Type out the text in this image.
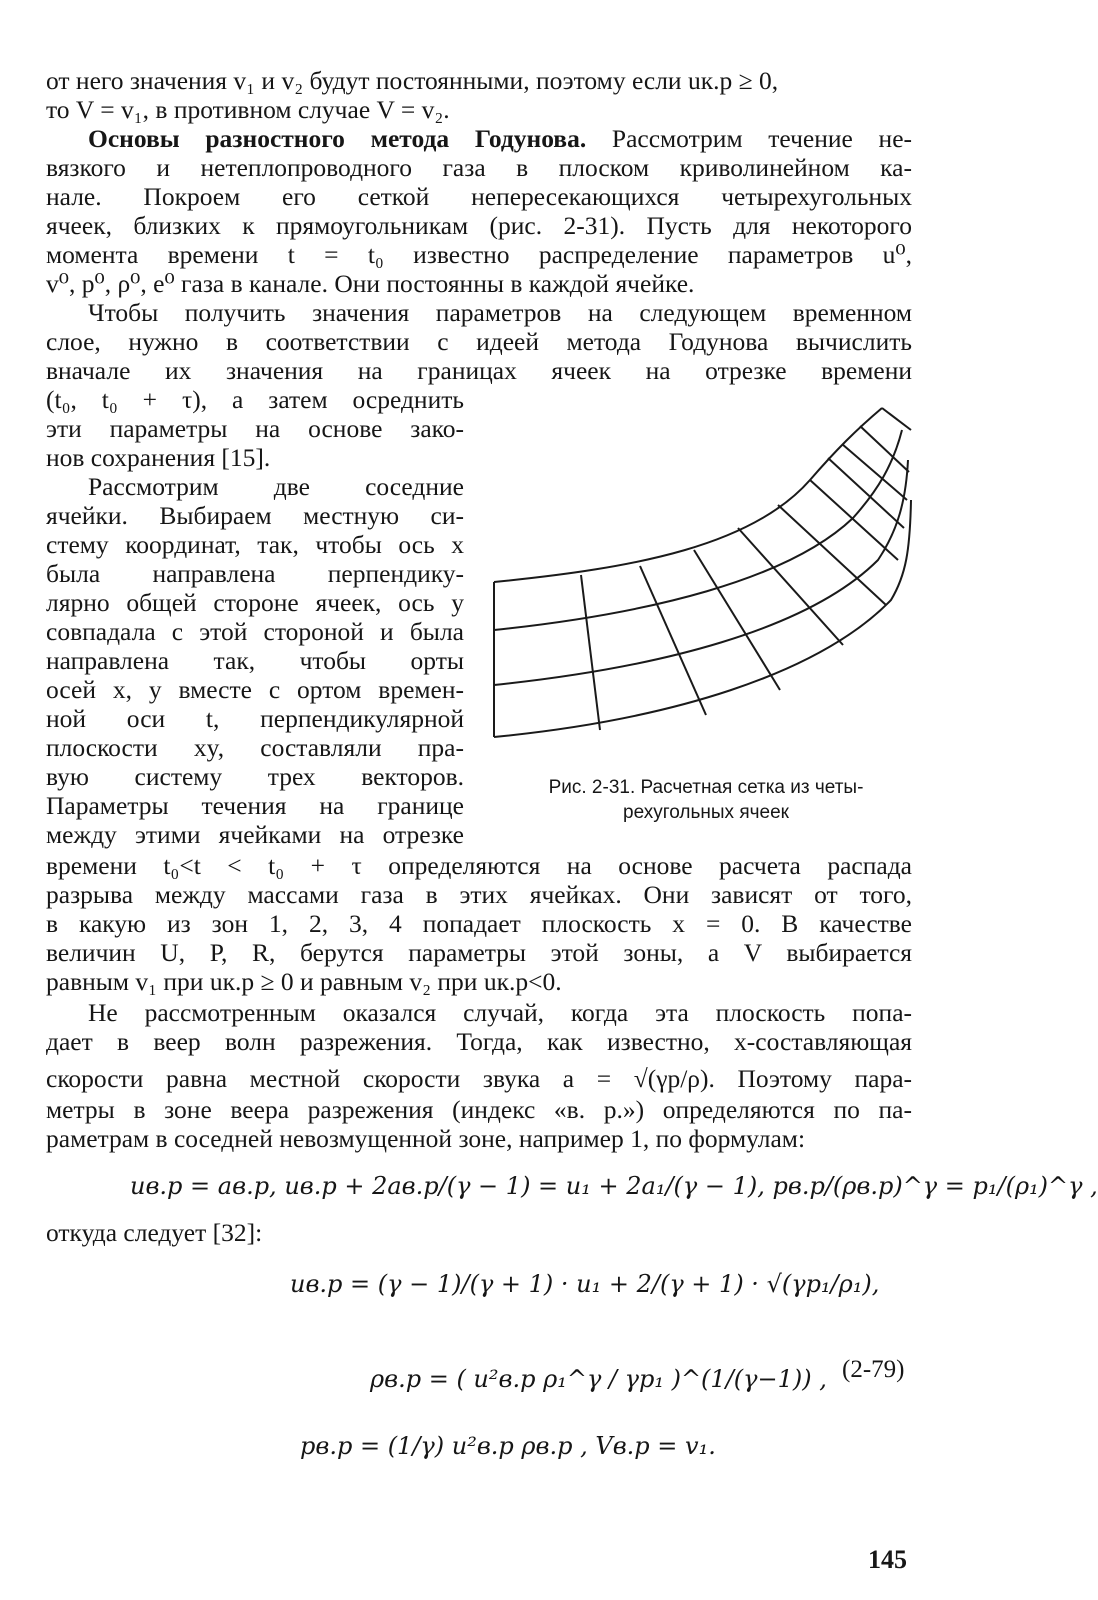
от него значения v₁ и v₂ будут постоянными, поэтому если uк.р ≥ 0,
то V = v₁, в противном случае V = v₂.
Основы разностного метода Годунова. Рассмотрим течение не-
вязкого и нетеплопроводного газа в плоском криволинейном ка-
нале. Покроем его сеткой непересекающихся четырехугольных
ячеек, близких к прямоугольникам (рис. 2-31). Пусть для некоторого
момента времени t = t₀ известно распределение параметров u⁰,
v⁰, p⁰, ρ⁰, e⁰ газа в канале. Они постоянны в каждой ячейке.
Чтобы получить значения параметров на следующем временном
слое, нужно в соответствии с идеей метода Годунова вычислить
вначале их значения на границах ячеек на отрезке времени
(t₀, t₀ + τ), а затем осреднить
эти параметры на основе зако-
нов сохранения [15].
Рассмотрим две соседние
ячейки. Выбираем местную си-
стему координат, так, чтобы ось x
была направлена перпендику-
лярно общей стороне ячеек, ось y
совпадала с этой стороной и была
направлена так, чтобы орты
осей x, y вместе с ортом времен-
ной оси t, перпендикулярной
плоскости xy, составляли пра-
вую систему трех векторов.
Параметры течения на границе
между этими ячейками на отрезке
Рис. 2-31. Расчетная сетка из четы-
рехугольных ячеек
времени t₀<t < t₀ + τ определяются на основе расчета распада
разрыва между массами газа в этих ячейках. Они зависят от того,
в какую из зон 1, 2, 3, 4 попадает плоскость x = 0. В качестве
величин U, P, R, берутся параметры этой зоны, а V выбирается
равным v₁ при uк.р ≥ 0 и равным v₂ при uк.р<0.
Не рассмотренным оказался случай, когда эта плоскость попа-
дает в веер волн разрежения. Тогда, как известно, x-составляющая
скорости равна местной скорости звука a = √(γp/ρ). Поэтому пара-
метры в зоне веера разрежения (индекс «в. р.») определяются по па-
раметрам в соседней невозмущенной зоне, например 1, по формулам:
uв.р = aв.р, uв.р + 2aв.р/(γ − 1) = u₁ + 2a₁/(γ − 1), pв.р/(ρв.р)^γ = p₁/(ρ₁)^γ ,
откуда следует [32]:
uв.р = (γ − 1)/(γ + 1) · u₁ + 2/(γ + 1) · √(γp₁/ρ₁),
ρв.р = ( u²в.р ρ₁^γ / γp₁ )^(1/(γ−1)) , (2-79)
pв.р = (1/γ) u²в.р ρв.р , Vв.р = v₁.
145
